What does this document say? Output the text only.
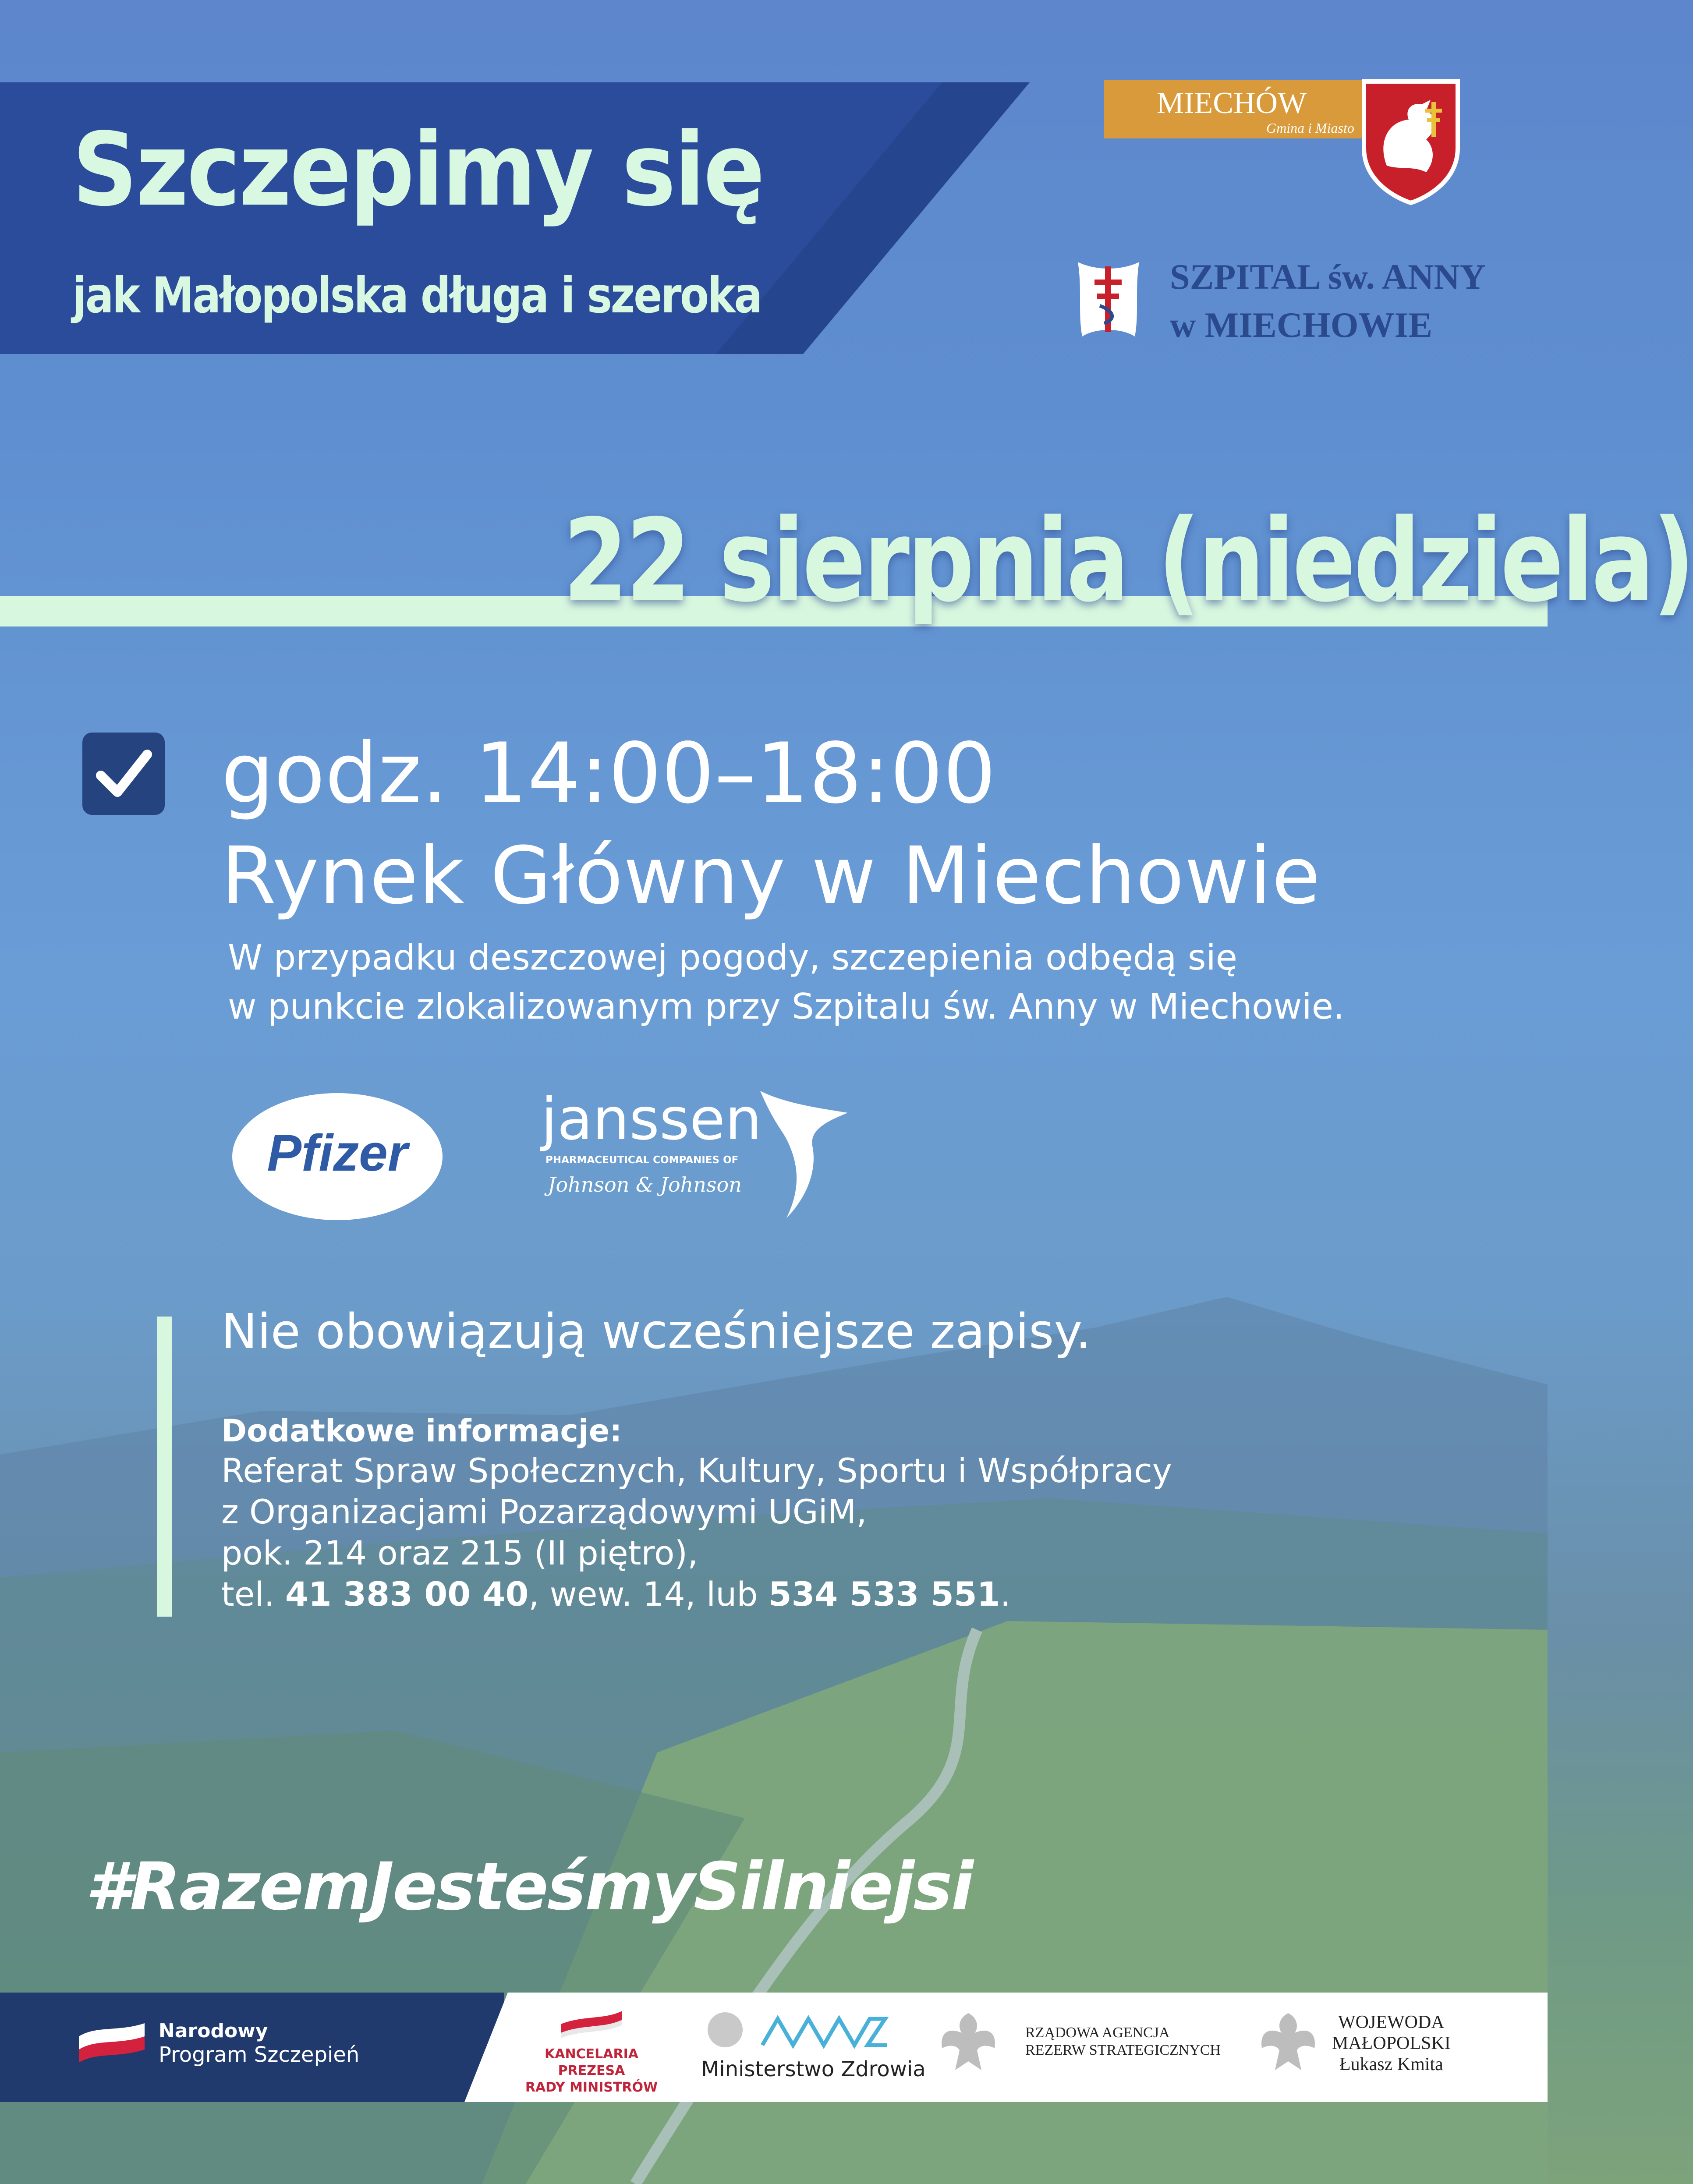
Szczepimy się
jak Małopolska długa i szeroka
MIECHÓW
Gmina i Miasto
SZPITAL św. ANNY
w MIECHOWIE
22 sierpnia (niedziela)
godz. 14:00–18:00
Rynek Główny w Miechowie
W przypadku deszczowej pogody, szczepienia odbędą się
w punkcie zlokalizowanym przy Szpitalu św. Anny w Miechowie.
Pfizer janssen
PHARMACEUTICAL COMPANIES OF
Johnson & Johnson
Nie obowiązują wcześniejsze zapisy.
Dodatkowe informacje:
Referat Spraw Społecznych, Kultury, Sportu i Współpracy
z Organizacjami Pozarządowymi UGiM,
pok. 214 oraz 215 (II piętro),
tel. 41 383 00 40, wew. 14, lub 534 533 551.
#RazemJesteśmySilniejsi
Narodowy
Program Szczepień	KANCELARIA PREZESA
RADY MINISTRÓW
Ministerstwo Zdrowia
RZĄDOWA AGENCJA
REZERW STRATEGICZNYCH
WOJEWODA
MAŁOPOLSKI
Łukasz Kmita
